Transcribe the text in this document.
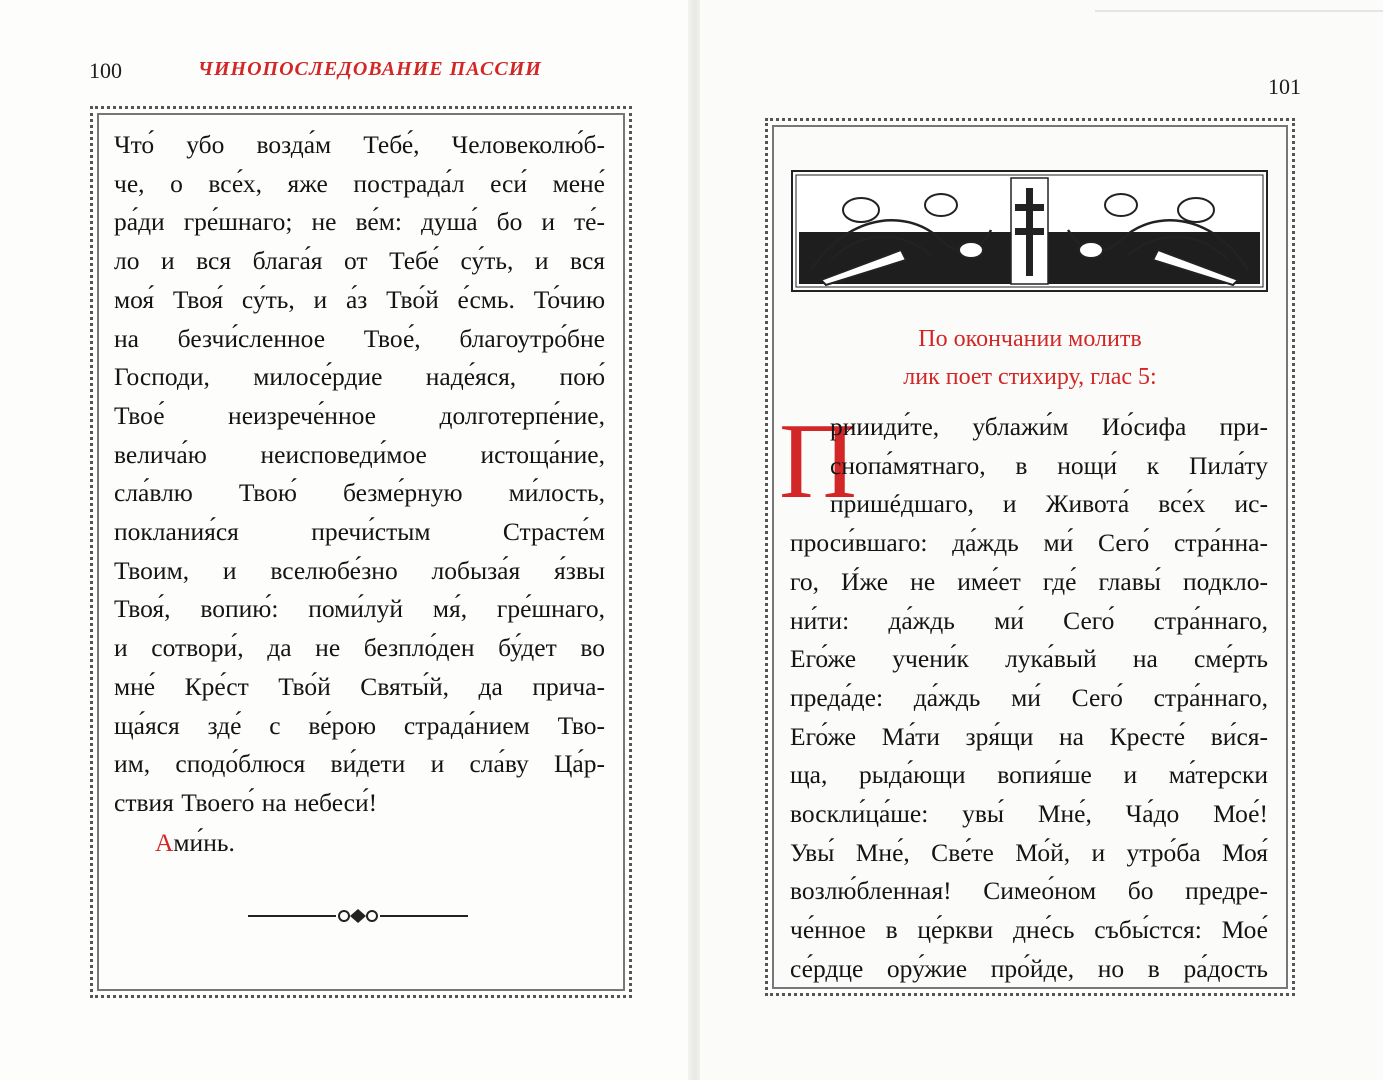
100	ЧИНОПОСЛЕДОВАНИЕ ПАССИИ
Что́ убо возда́м Тебе́, Человеколю́б-
че, о все́х, яже пострада́л еси́ мене́
ра́ди гре́шнаго; не ве́м: душа́ бо и те́-
ло и вся блага́я от Тебе́ су́ть, и вся
моя́ Твоя́ су́ть, и а́з Тво́й е́смь. То́чию
на безчи́сленное Твое́, благоутро́бне
Господи, милосе́рдие наде́яся, пою́
Твое́ неизрече́нное долготерпе́ние,
велича́ю неисповеди́мое истоща́ние,
сла́влю Твою́ безме́рную ми́лость,
поклания́ся пречи́стым Страсте́м
Твоим, и вселюбе́зно лобыза́я я́звы
Твоя́, вопию́: поми́луй мя́, гре́шнаго,
и сотвори́, да не безпло́ден бу́дет во
мне́ Кре́ст Тво́й Святы́й, да прича-
ща́яся зде́ с ве́рою страда́нием Тво-
им, сподо́блюся ви́дети и сла́ву Ца́р-
ствия Твоего́ на небеси́!
Ами́нь.
101
По окончании молитв
лик поет стихиру, глас 5:
П
риииди́те, ублажи́м Ио́сифа при-
снопа́мятнаго, в нощи́ к Пила́ту
пришéдшаго, и Живота́ все́х ис-
проси́вшаго: да́ждь ми́ Сего́ стра́нна-
го, И́же не име́ет где́ главы́ подкло-
ни́ти: да́ждь ми́ Сего́ стра́ннаго,
Его́же учени́к лука́вый на сме́рть
преда́де: да́ждь ми́ Сего́ стра́ннаго,
Его́же Ма́ти зря́щи на Кресте́ ви́ся-
ща, рыда́ющи вопия́ше и ма́терски
воскли́ца́ше: увы́ Мне́, Ча́до Мое́!
Увы́ Мне́, Све́те Мо́й, и утро́ба Моя́
возлю́бленная! Симео́ном бо предре-
че́нное в це́ркви дне́сь събы́стся: Мое́
се́рдце ору́жие про́йде, но в ра́дость
